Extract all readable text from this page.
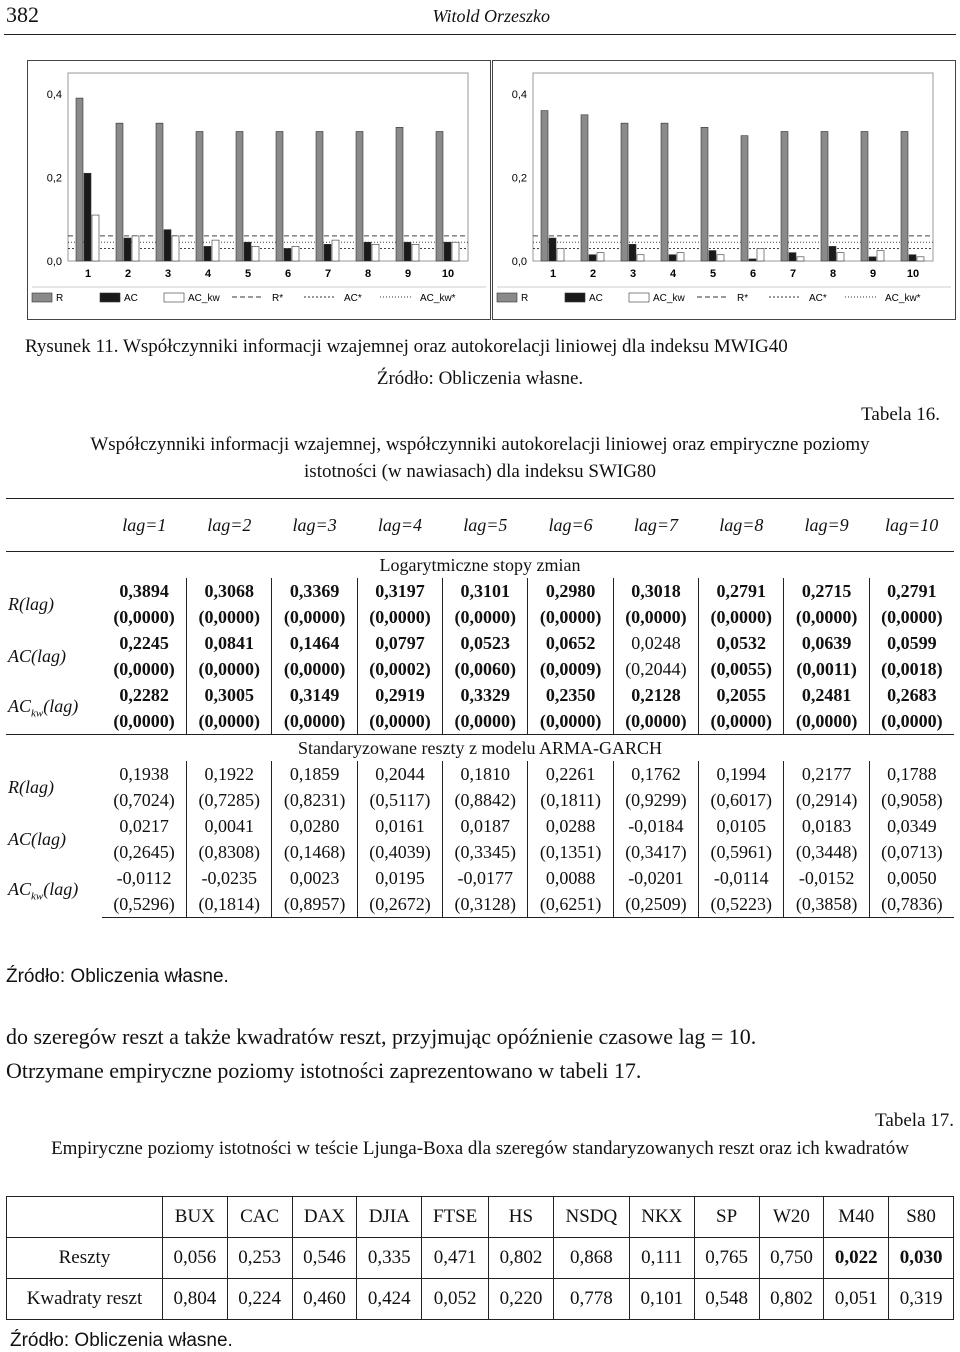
382	Witold Orzeszko
0,0
0,2
0,4
1	2	3	4	5	6	7	8	9	10
R	AC	AC_kw	R*	AC*	AC_kw*
0,0
0,2
0,4
1	2	3	4	5	6	7	8	9	10
R	AC	AC_kw	R*	AC*	AC_kw*
Rysunek 11. Współczynniki informacji wzajemnej oraz autokorelacji liniowej dla indeksu MWIG40
Źródło: Obliczenia własne.
Tabela 16.
Współczynniki informacji wzajemnej, współczynniki autokorelacji liniowej oraz empiryczne poziomy
istotności (w nawiasach) dla indeksu SWIG80
	lag=1	lag=2	lag=3	lag=4	lag=5	lag=6	lag=7	lag=8	lag=9	lag=10
Logarytmiczne stopy zmian										
R(lag)	0,3894	0,3068	0,3369	0,3197	0,3101	0,2980	0,3018	0,2791	0,2715	0,2791
	(0,0000)	(0,0000)	(0,0000)	(0,0000)	(0,0000)	(0,0000)	(0,0000)	(0,0000)	(0,0000)	(0,0000)
AC(lag)	0,2245	0,0841	0,1464	0,0797	0,0523	0,0652	0,0248	0,0532	0,0639	0,0599
	(0,0000)	(0,0000)	(0,0000)	(0,0002)	(0,0060)	(0,0009)	(0,2044)	(0,0055)	(0,0011)	(0,0018)
$AC_{kw}(lag)$	0,2282	0,3005	0,3149	0,2919	0,3329	0,2350	0,2128	0,2055	0,2481	0,2683
	(0,0000)	(0,0000)	(0,0000)	(0,0000)	(0,0000)	(0,0000)	(0,0000)	(0,0000)	(0,0000)	(0,0000)
Standaryzowane reszty z modelu ARMA-GARCH										
R(lag)	0,1938	0,1922	0,1859	0,2044	0,1810	0,2261	0,1762	0,1994	0,2177	0,1788
	(0,7024)	(0,7285)	(0,8231)	(0,5117)	(0,8842)	(0,1811)	(0,9299)	(0,6017)	(0,2914)	(0,9058)
AC(lag)	0,0217	0,0041	0,0280	0,0161	0,0187	0,0288	-0,0184	0,0105	0,0183	0,0349
	(0,2645)	(0,8308)	(0,1468)	(0,4039)	(0,3345)	(0,1351)	(0,3417)	(0,5961)	(0,3448)	(0,0713)
$AC_{kw}(lag)$	-0,0112	-0,0235	0,0023	0,0195	-0,0177	0,0088	-0,0201	-0,0114	-0,0152	0,0050
	(0,5296)	(0,1814)	(0,8957)	(0,2672)	(0,3128)	(0,6251)	(0,2509)	(0,5223)	(0,3858)	(0,7836)
Źródło: Obliczenia własne.
do szeregów reszt a także kwadratów reszt, przyjmując opóźnienie czasowe lag = 10.
Otrzymane empiryczne poziomy istotności zaprezentowano w tabeli 17.
Tabela 17.
Empiryczne poziomy istotności w teście Ljunga-Boxa dla szeregów standaryzowanych reszt oraz ich kwadratów
	BUX	CAC	DAX	DJIA	FTSE	HS	NSDQ	NKX	SP	W20	M40	S80
Reszty	0,056	0,253	0,546	0,335	0,471	0,802	0,868	0,111	0,765	0,750	0,022	0,030
Kwadraty reszt	0,804	0,224	0,460	0,424	0,052	0,220	0,778	0,101	0,548	0,802	0,051	0,319
Źródło: Obliczenia własne.
